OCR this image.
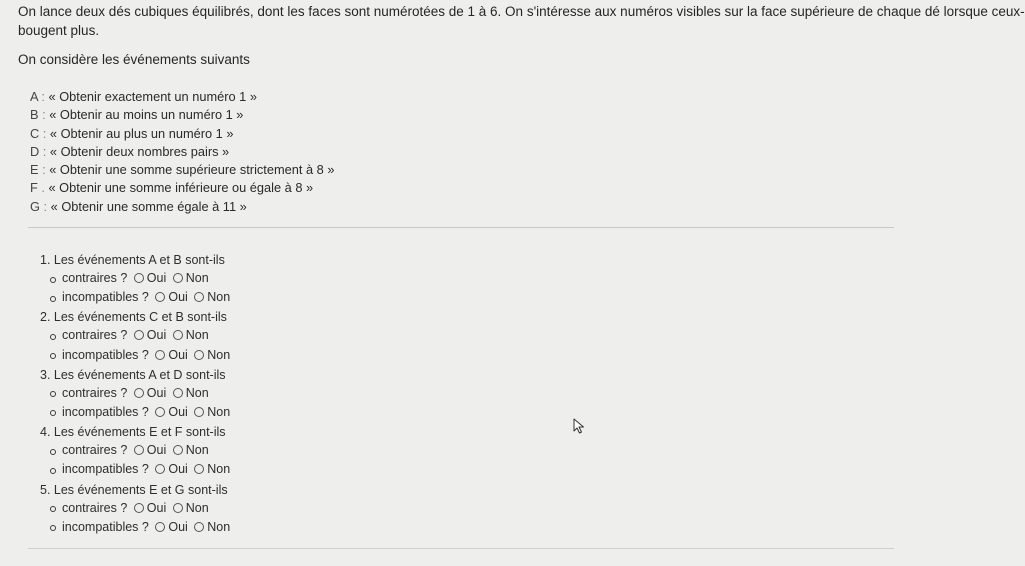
On lance deux dés cubiques équilibrés, dont les faces sont numérotées de 1 à 6. On s'intéresse aux numéros visibles sur la face supérieure de chaque dé lorsque ceux-
bougent plus.
On considère les événements suivants
A : « Obtenir exactement un numéro 1 »
B : « Obtenir au moins un numéro 1 »
C : « Obtenir au plus un numéro 1 »
D : « Obtenir deux nombres pairs »
E : « Obtenir une somme supérieure strictement à 8 »
F . « Obtenir une somme inférieure ou égale à 8 »
G : « Obtenir une somme égale à 11 »
1. Les événements A et B sont-ils
contraires ? Oui Non
incompatibles ? Oui Non
2. Les événements C et B sont-ils
contraires ? Oui Non
incompatibles ? Oui Non
3. Les événements A et D sont-ils
contraires ? Oui Non
incompatibles ? Oui Non
4. Les événements E et F sont-ils
contraires ? Oui Non
incompatibles ? Oui Non
5. Les événements E et G sont-ils
contraires ? Oui Non
incompatibles ? Oui Non
